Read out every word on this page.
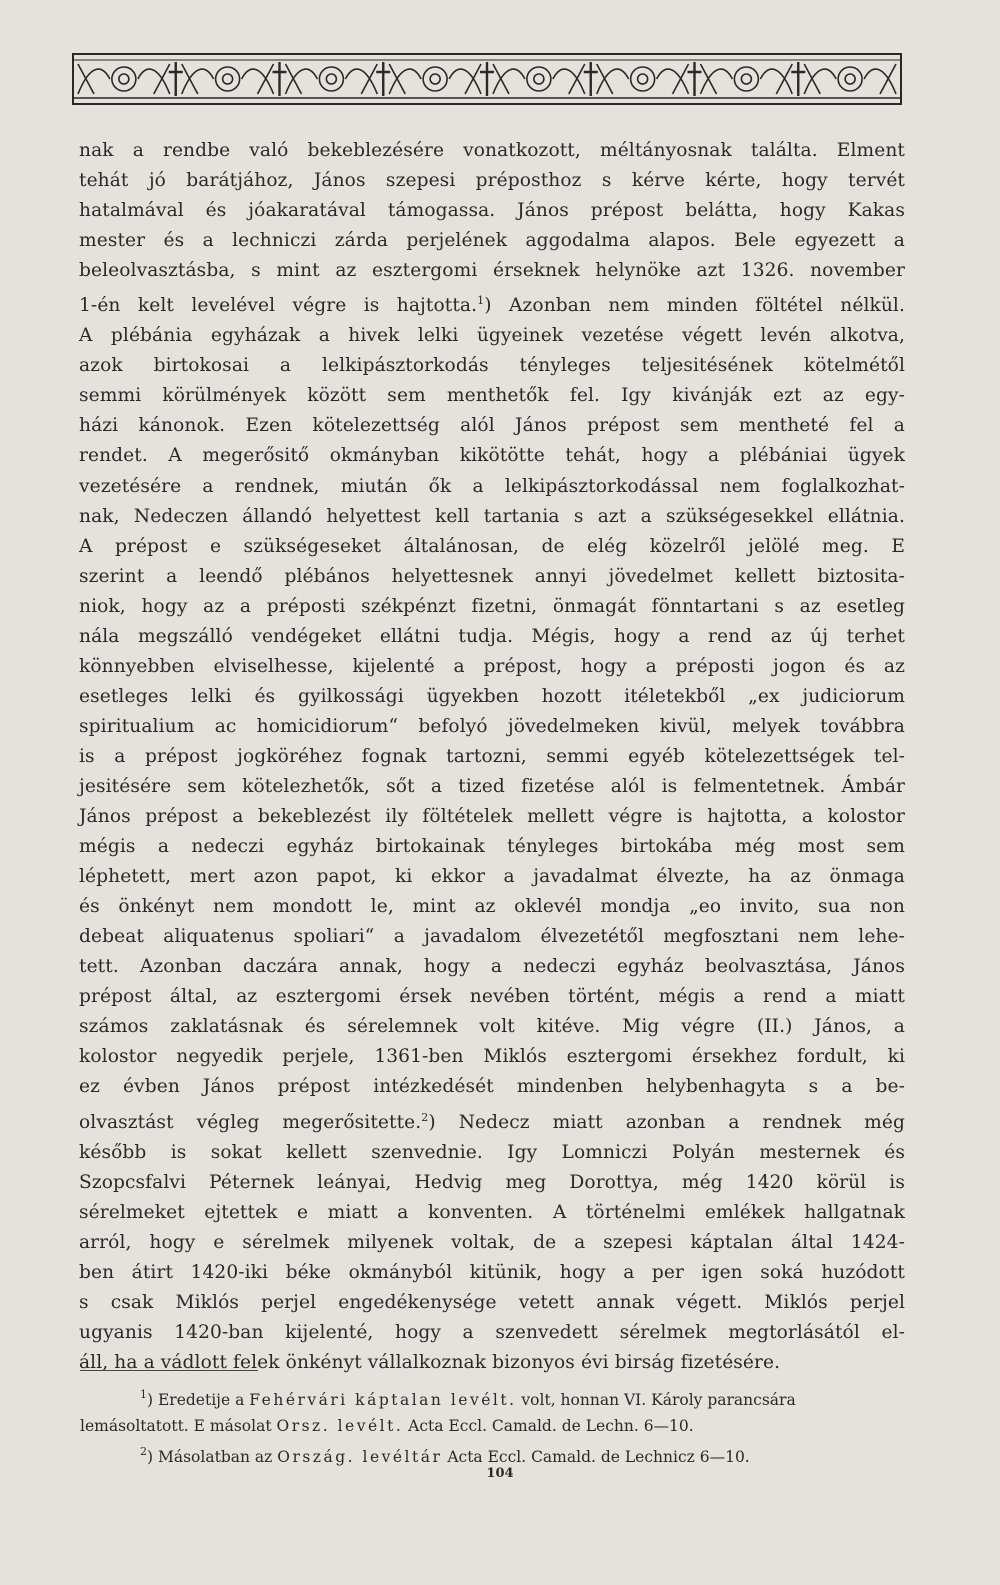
nak a rendbe való bekeblezésére vonatkozott, méltányosnak találta. Elment
tehát jó barátjához, János szepesi préposthoz s kérve kérte, hogy tervét
hatalmával és jóakaratával támogassa. János prépost belátta, hogy Kakas
mester és a lechniczi zárda perjelének aggodalma alapos. Bele egyezett a
beleolvasztásba, s mint az esztergomi érseknek helynöke azt 1326. november
1-én kelt levelével végre is hajtotta.$^1$) Azonban nem minden föltétel nélkül.
A plébánia egyházak a hivek lelki ügyeinek vezetése végett levén alkotva,
azok birtokosai a lelkipásztorkodás tényleges teljesitésének kötelmétől
semmi körülmények között sem menthetők fel. Igy kivánják ezt az egy-
házi kánonok. Ezen kötelezettség alól János prépost sem mentheté fel a
rendet. A megerősitő okmányban kikötötte tehát, hogy a plébániai ügyek
vezetésére a rendnek, miután ők a lelkipásztorkodással nem foglalkozhat-
nak, Nedeczen állandó helyettest kell tartania s azt a szükségesekkel ellátnia.
A prépost e szükségeseket általánosan, de elég közelről jelölé meg. E
szerint a leendő plébános helyettesnek annyi jövedelmet kellett biztosita-
niok, hogy az a préposti székpénzt fizetni, önmagát fönntartani s az esetleg
nála megszálló vendégeket ellátni tudja. Mégis, hogy a rend az új terhet
könnyebben elviselhesse, kijelenté a prépost, hogy a préposti jogon és az
esetleges lelki és gyilkossági ügyekben hozott itéletekből „ex judiciorum
spiritualium ac homicidiorum“ befolyó jövedelmeken kivül, melyek továbbra
is a prépost jogköréhez fognak tartozni, semmi egyéb kötelezettségek tel-
jesitésére sem kötelezhetők, sőt a tized fizetése alól is felmentetnek. Ámbár
János prépost a bekeblezést ily föltételek mellett végre is hajtotta, a kolostor
mégis a nedeczi egyház birtokainak tényleges birtokába még most sem
léphetett, mert azon papot, ki ekkor a javadalmat élvezte, ha az önmaga
és önkényt nem mondott le, mint az oklevél mondja „eo invito, sua non
debeat aliquatenus spoliari“ a javadalom élvezetétől megfosztani nem lehe-
tett. Azonban daczára annak, hogy a nedeczi egyház beolvasztása, János
prépost által, az esztergomi érsek nevében történt, mégis a rend a miatt
számos zaklatásnak és sérelemnek volt kitéve. Mig végre (II.) János, a
kolostor negyedik perjele, 1361-ben Miklós esztergomi érsekhez fordult, ki
ez évben János prépost intézkedését mindenben helybenhagyta s a be-
olvasztást végleg megerősitette.$^2$) Nedecz miatt azonban a rendnek még
később is sokat kellett szenvednie. Igy Lomniczi Polyán mesternek és
Szopcsfalvi Péternek leányai, Hedvig meg Dorottya, még 1420 körül is
sérelmeket ejtettek e miatt a konventen. A történelmi emlékek hallgatnak
arról, hogy e sérelmek milyenek voltak, de a szepesi káptalan által 1424-
ben átirt 1420-iki béke okmányból kitünik, hogy a per igen soká huzódott
s csak Miklós perjel engedékenysége vetett annak végett. Miklós perjel
ugyanis 1420-ban kijelenté, hogy a szenvedett sérelmek megtorlásától el-
áll, ha a vádlott felek önkényt vállalkoznak bizonyos évi birság fizetésére.
$^1$) Eredetije a Fehérvári káptalan levélt. volt, honnan VI. Károly parancsára
lemásoltatott. E másolat Orsz. levélt. Acta Eccl. Camald. de Lechn. 6—10.
$^2$) Másolatban az Ország. levéltár Acta Eccl. Camald. de Lechnicz 6—10.
104
